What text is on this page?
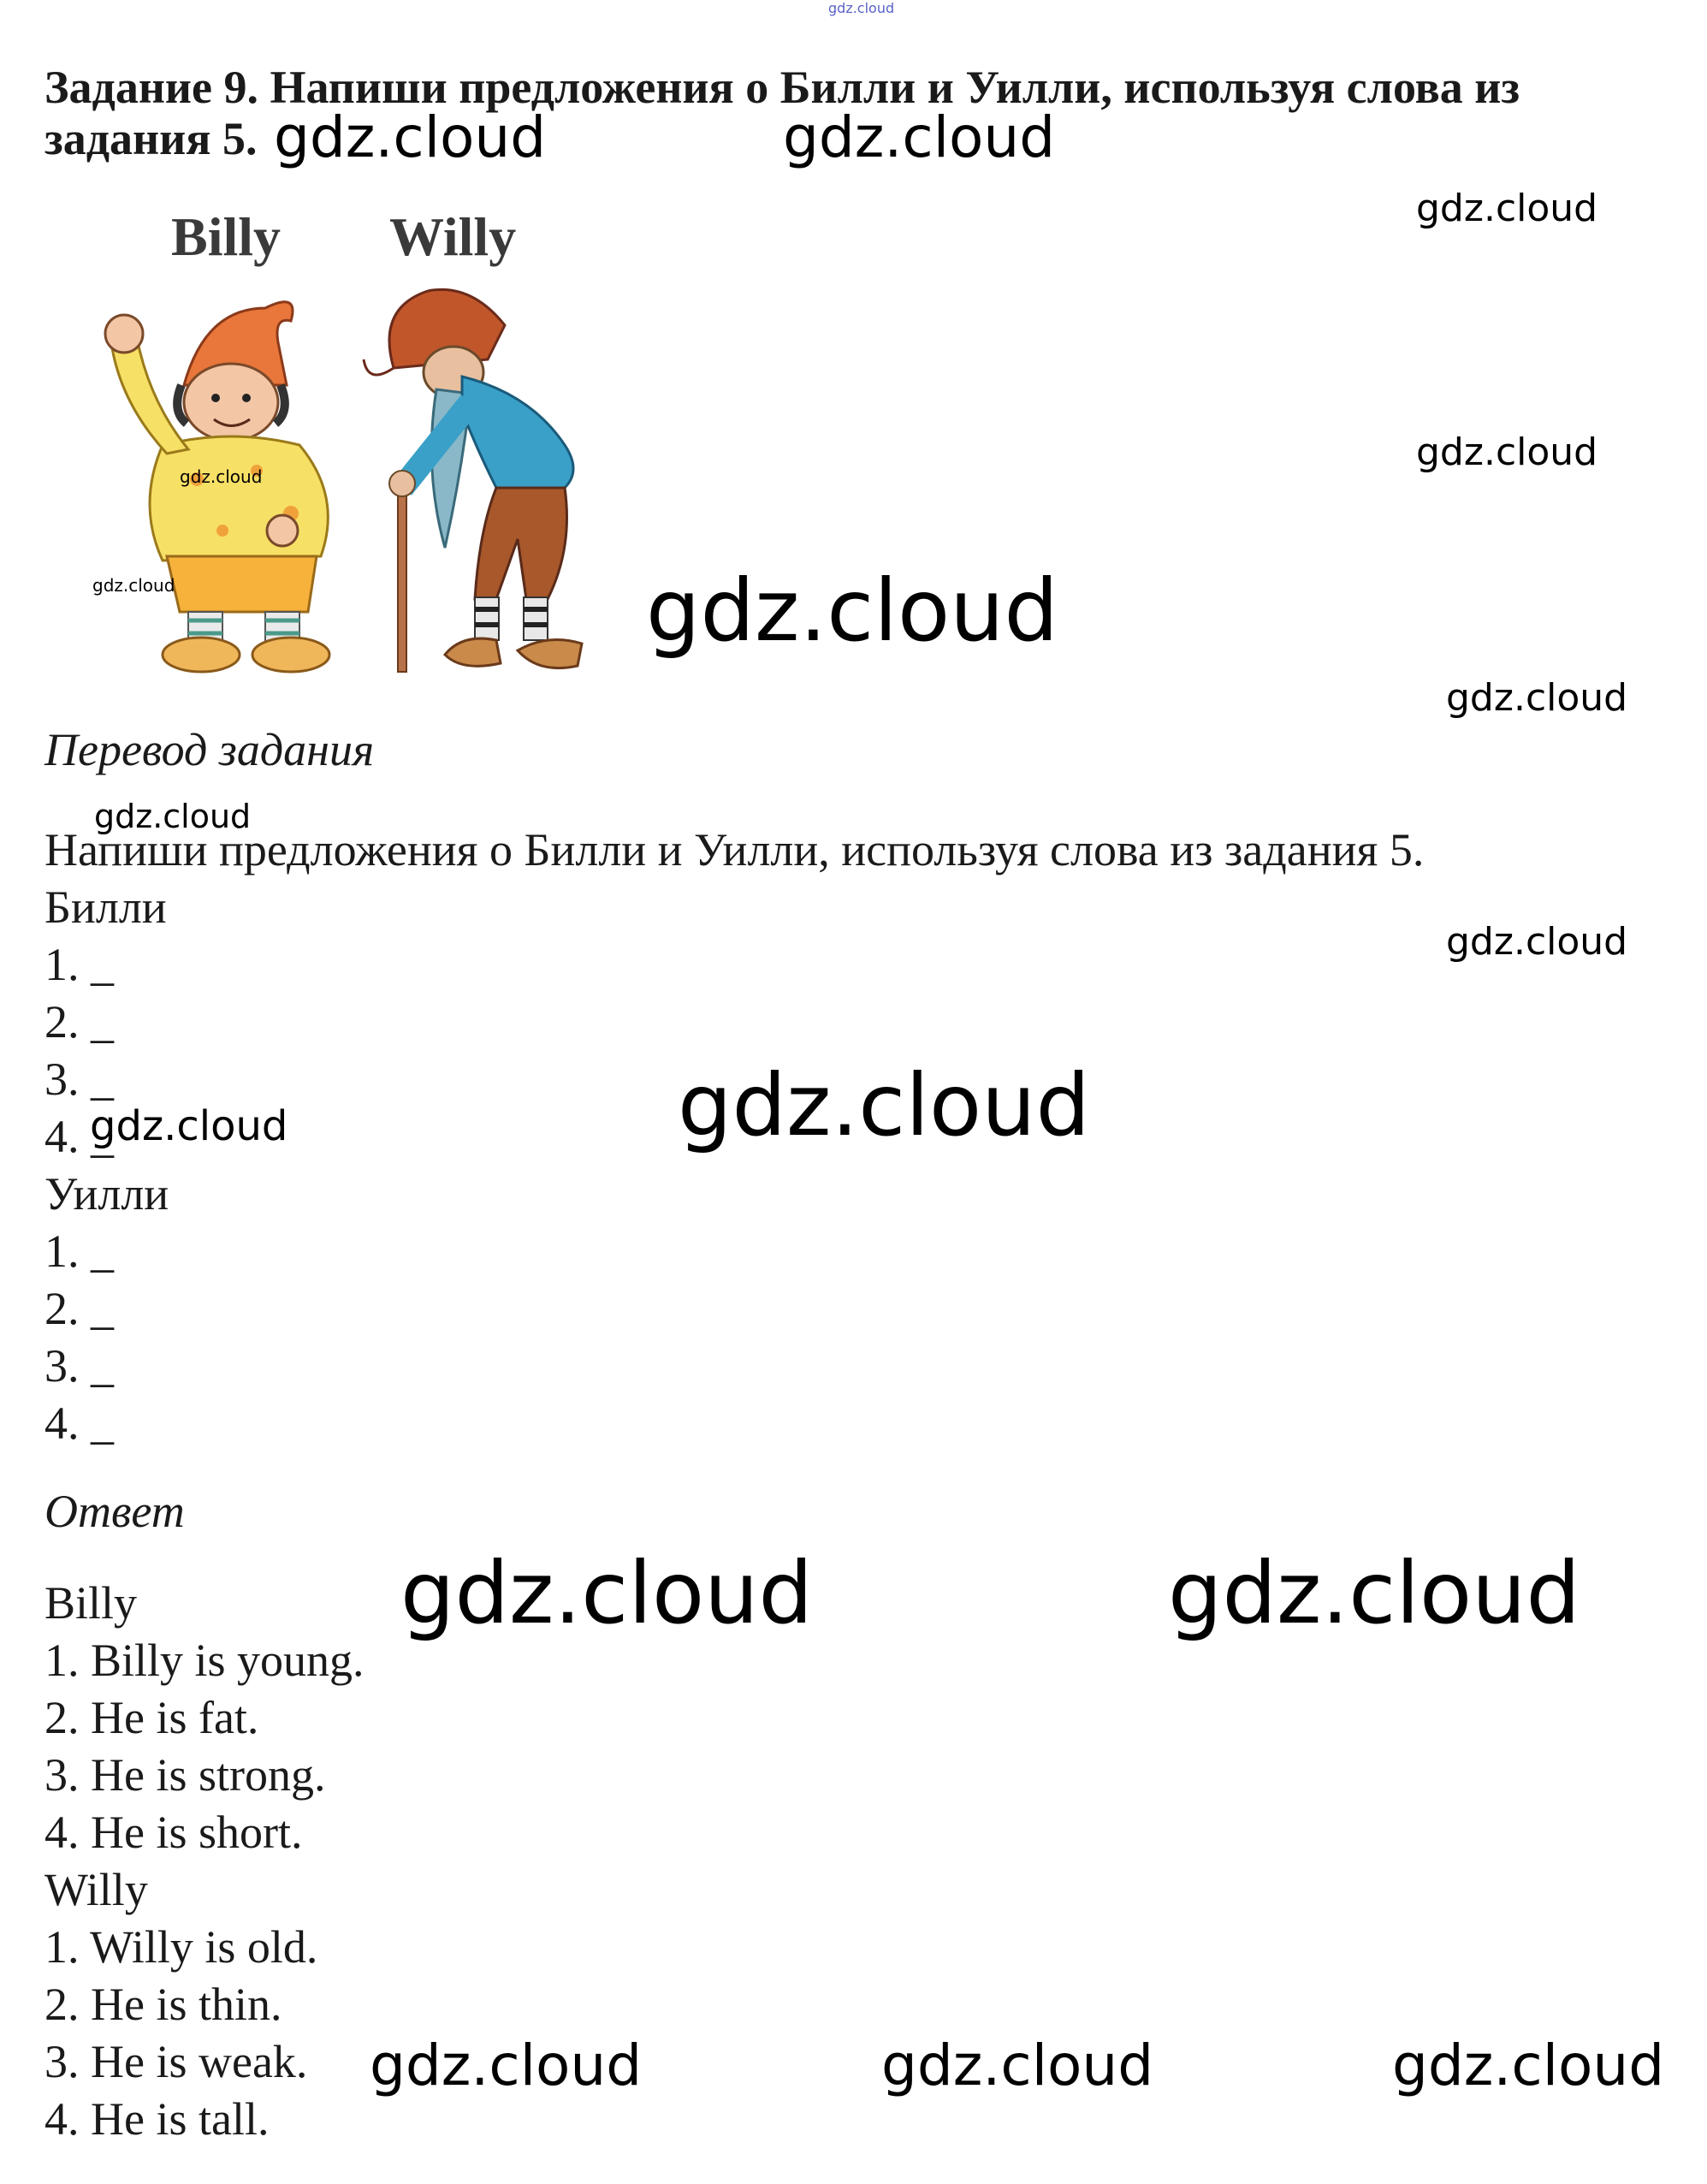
gdz.cloud
Задание 9. Напиши предложения о Билли и Уилли, используя слова из задания 5.
Billy Willy
Перевод задания
Напиши предложения о Билли и Уилли, используя слова из задания 5.
Билли
1. _
2. _
3. _
4. _
Уилли
1. _
2. _
3. _
4. _
Ответ
Billy
1. Billy is young.
2. He is fat.
3. He is strong.
4. He is short.
Willy
1. Willy is old.
2. He is thin.
3. He is weak.
4. He is tall.
gdz.cloud	gdz.cloud
gdz.cloud
gdz.cloud
gdz.cloud
gdz.cloud	gdz.cloud
gdz.cloud
gdz.cloud
gdz.cloud
gdz.cloud
gdz.cloud
gdz.cloud	gdz.cloud
gdz.cloud	gdz.cloud	gdz.cloud
